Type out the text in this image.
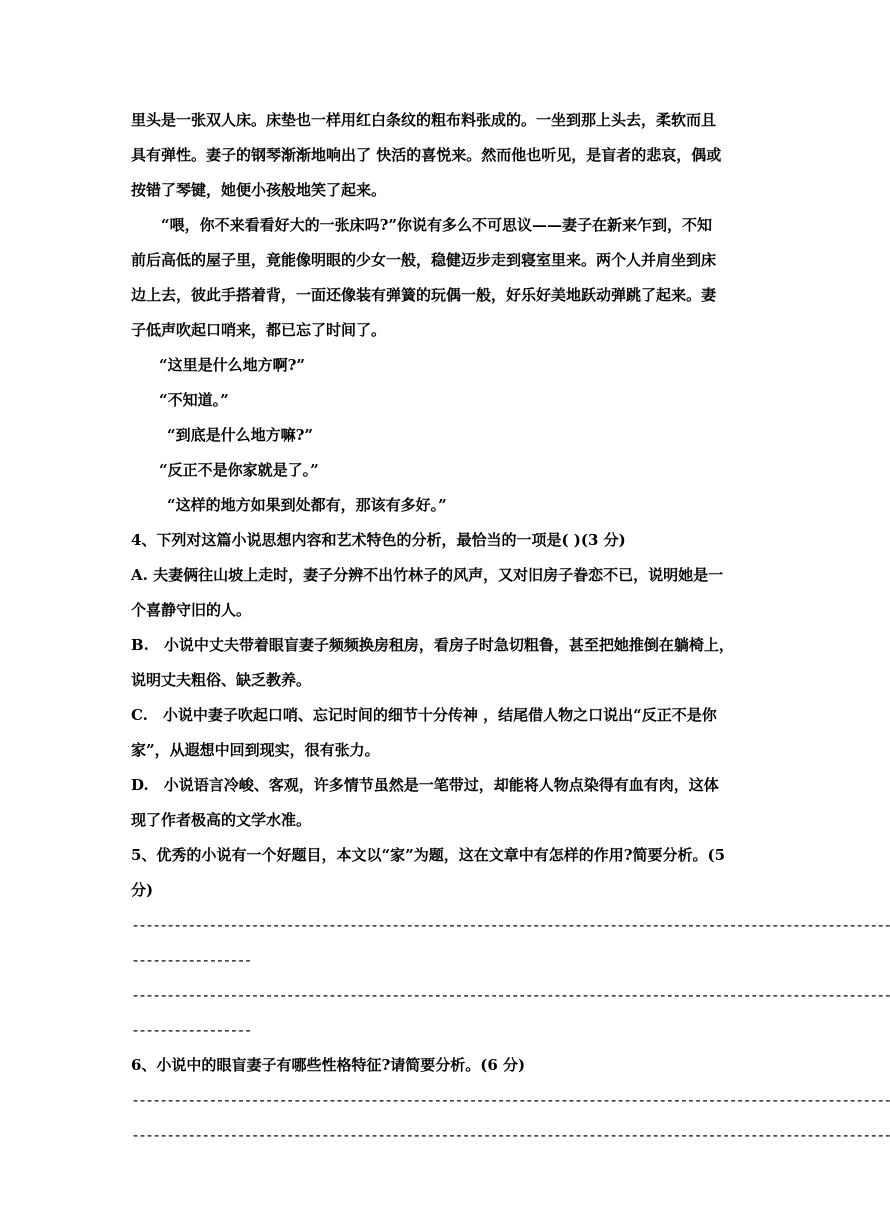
里头是一张双人床。床垫也一样用红白条纹的粗布料张成的。一坐到那上头去，柔软而且
具有弹性。妻子的钢琴渐渐地响出了 快活的喜悦来。然而他也听见，是盲者的悲哀，偶或
按错了琴键，她便小孩般地笑了起来。
“喂，你不来看看好大的一张床吗?”你说有多么不可思议——妻子在新来乍到，不知
前后高低的屋子里，竟能像明眼的少女一般，稳健迈步走到寝室里来。两个人并肩坐到床
边上去，彼此手搭着背，一面还像装有弹簧的玩偶一般，好乐好美地跃动弹跳了起来。妻
子低声吹起口哨来，都已忘了时间了。
“这里是什么地方啊?”
“不知道。”
“到底是什么地方嘛?”
“反正不是你家就是了。”
“这样的地方如果到处都有，那该有多好。”
4、下列对这篇小说思想内容和艺术特色的分析，最恰当的一项是( )(3 分)
A. 夫妻俩往山坡上走时，妻子分辨不出竹林子的风声，又对旧房子眷恋不已，说明她是一
个喜静守旧的人。
B.　小说中丈夫带着眼盲妻子频频换房租房，看房子时急切粗鲁，甚至把她推倒在躺椅上，
说明丈夫粗俗、缺乏教养。
C.　小说中妻子吹起口哨、忘记时间的细节十分传神 ，结尾借人物之口说出“反正不是你
家”，从遐想中回到现实，很有张力。
D.　小说语言冷峻、客观，许多情节虽然是一笔带过，却能将人物点染得有血有肉，这体
现了作者极高的文学水准。
5、优秀的小说有一个好题目，本文以“家”为题，这在文章中有怎样的作用?简要分析。(5
分)
------------------------------------------------------------------------------------------------------------
-----------------
------------------------------------------------------------------------------------------------------------
-----------------
6、小说中的眼盲妻子有哪些性格特征?请简要分析。(6 分)
------------------------------------------------------------------------------------------------------------
------------------------------------------------------------------------------------------------------------
